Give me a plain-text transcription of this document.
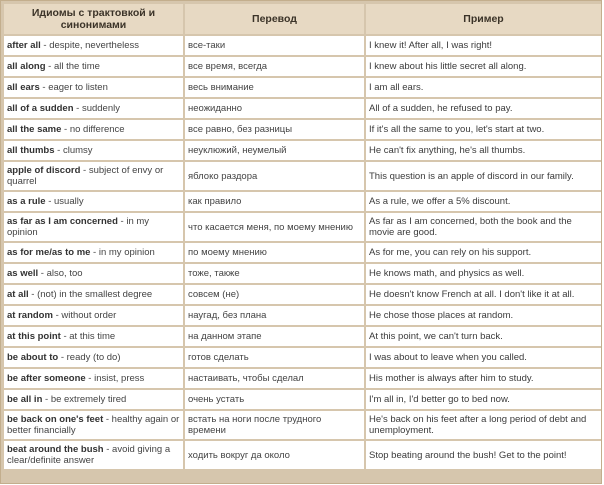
Идиомы с трактовкой и синонимами	Перевод	Пример
after all - despite, nevertheless	все-таки	I knew it! After all, I was right!
all along - all the time	все время, всегда	I knew about his little secret all along.
all ears - eager to listen	весь внимание	I am all ears.
all of a sudden - suddenly	неожиданно	All of a sudden, he refused to pay.
all the same - no difference	все равно, без разницы	If it's all the same to you, let's start at two.
all thumbs - clumsy	неуклюжий, неумелый	He can't fix anything, he's all thumbs.
apple of discord - subject of envy or quarrel	яблоко раздора	This question is an apple of discord in our family.
as a rule - usually	как правило	As a rule, we offer a 5% discount.
as far as I am concerned - in my opinion	что касается меня, по моему мнению	As far as I am concerned, both the book and the movie are good.
as for me/as to me - in my opinion	по моему мнению	As for me, you can rely on his support.
as well - also, too	тоже, также	He knows math, and physics as well.
at all - (not) in the smallest degree	совсем (не)	He doesn't know French at all. I don't like it at all.
at random - without order	наугад, без плана	He chose those places at random.
at this point - at this time	на данном этапе	At this point, we can't turn back.
be about to - ready (to do)	готов сделать	I was about to leave when you called.
be after someone - insist, press	настаивать, чтобы сделал	His mother is always after him to study.
be all in - be extremely tired	очень устать	I'm all in, I'd better go to bed now.
be back on one's feet - healthy again or better financially	встать на ноги после трудного времени	He's back on his feet after a long period of debt and unemployment.
beat around the bush - avoid giving a clear/definite answer	ходить вокруг да около	Stop beating around the bush! Get to the point!
